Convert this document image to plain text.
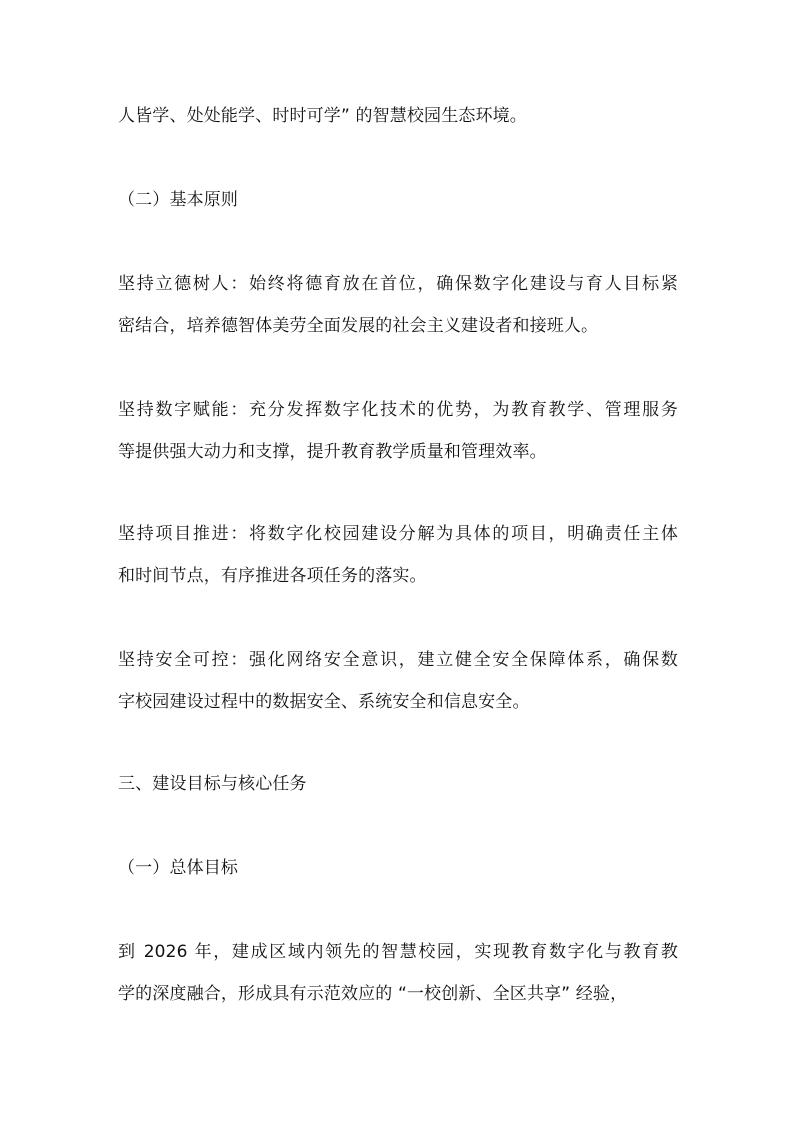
人皆学、处处能学、时时可学” 的智慧校园生态环境。
（二）基本原则
坚持立德树人：始终将德育放在首位，确保数字化建设与育人目标紧
密结合，培养德智体美劳全面发展的社会主义建设者和接班人。
坚持数字赋能：充分发挥数字化技术的优势，为教育教学、管理服务
等提供强大动力和支撑，提升教育教学质量和管理效率。
坚持项目推进：将数字化校园建设分解为具体的项目，明确责任主体
和时间节点，有序推进各项任务的落实。
坚持安全可控：强化网络安全意识，建立健全安全保障体系，确保数
字校园建设过程中的数据安全、系统安全和信息安全。
三、建设目标与核心任务
（一）总体目标
到 2026 年，建成区域内领先的智慧校园，实现教育数字化与教育教
学的深度融合，形成具有示范效应的 “一校创新、全区共享” 经验，
